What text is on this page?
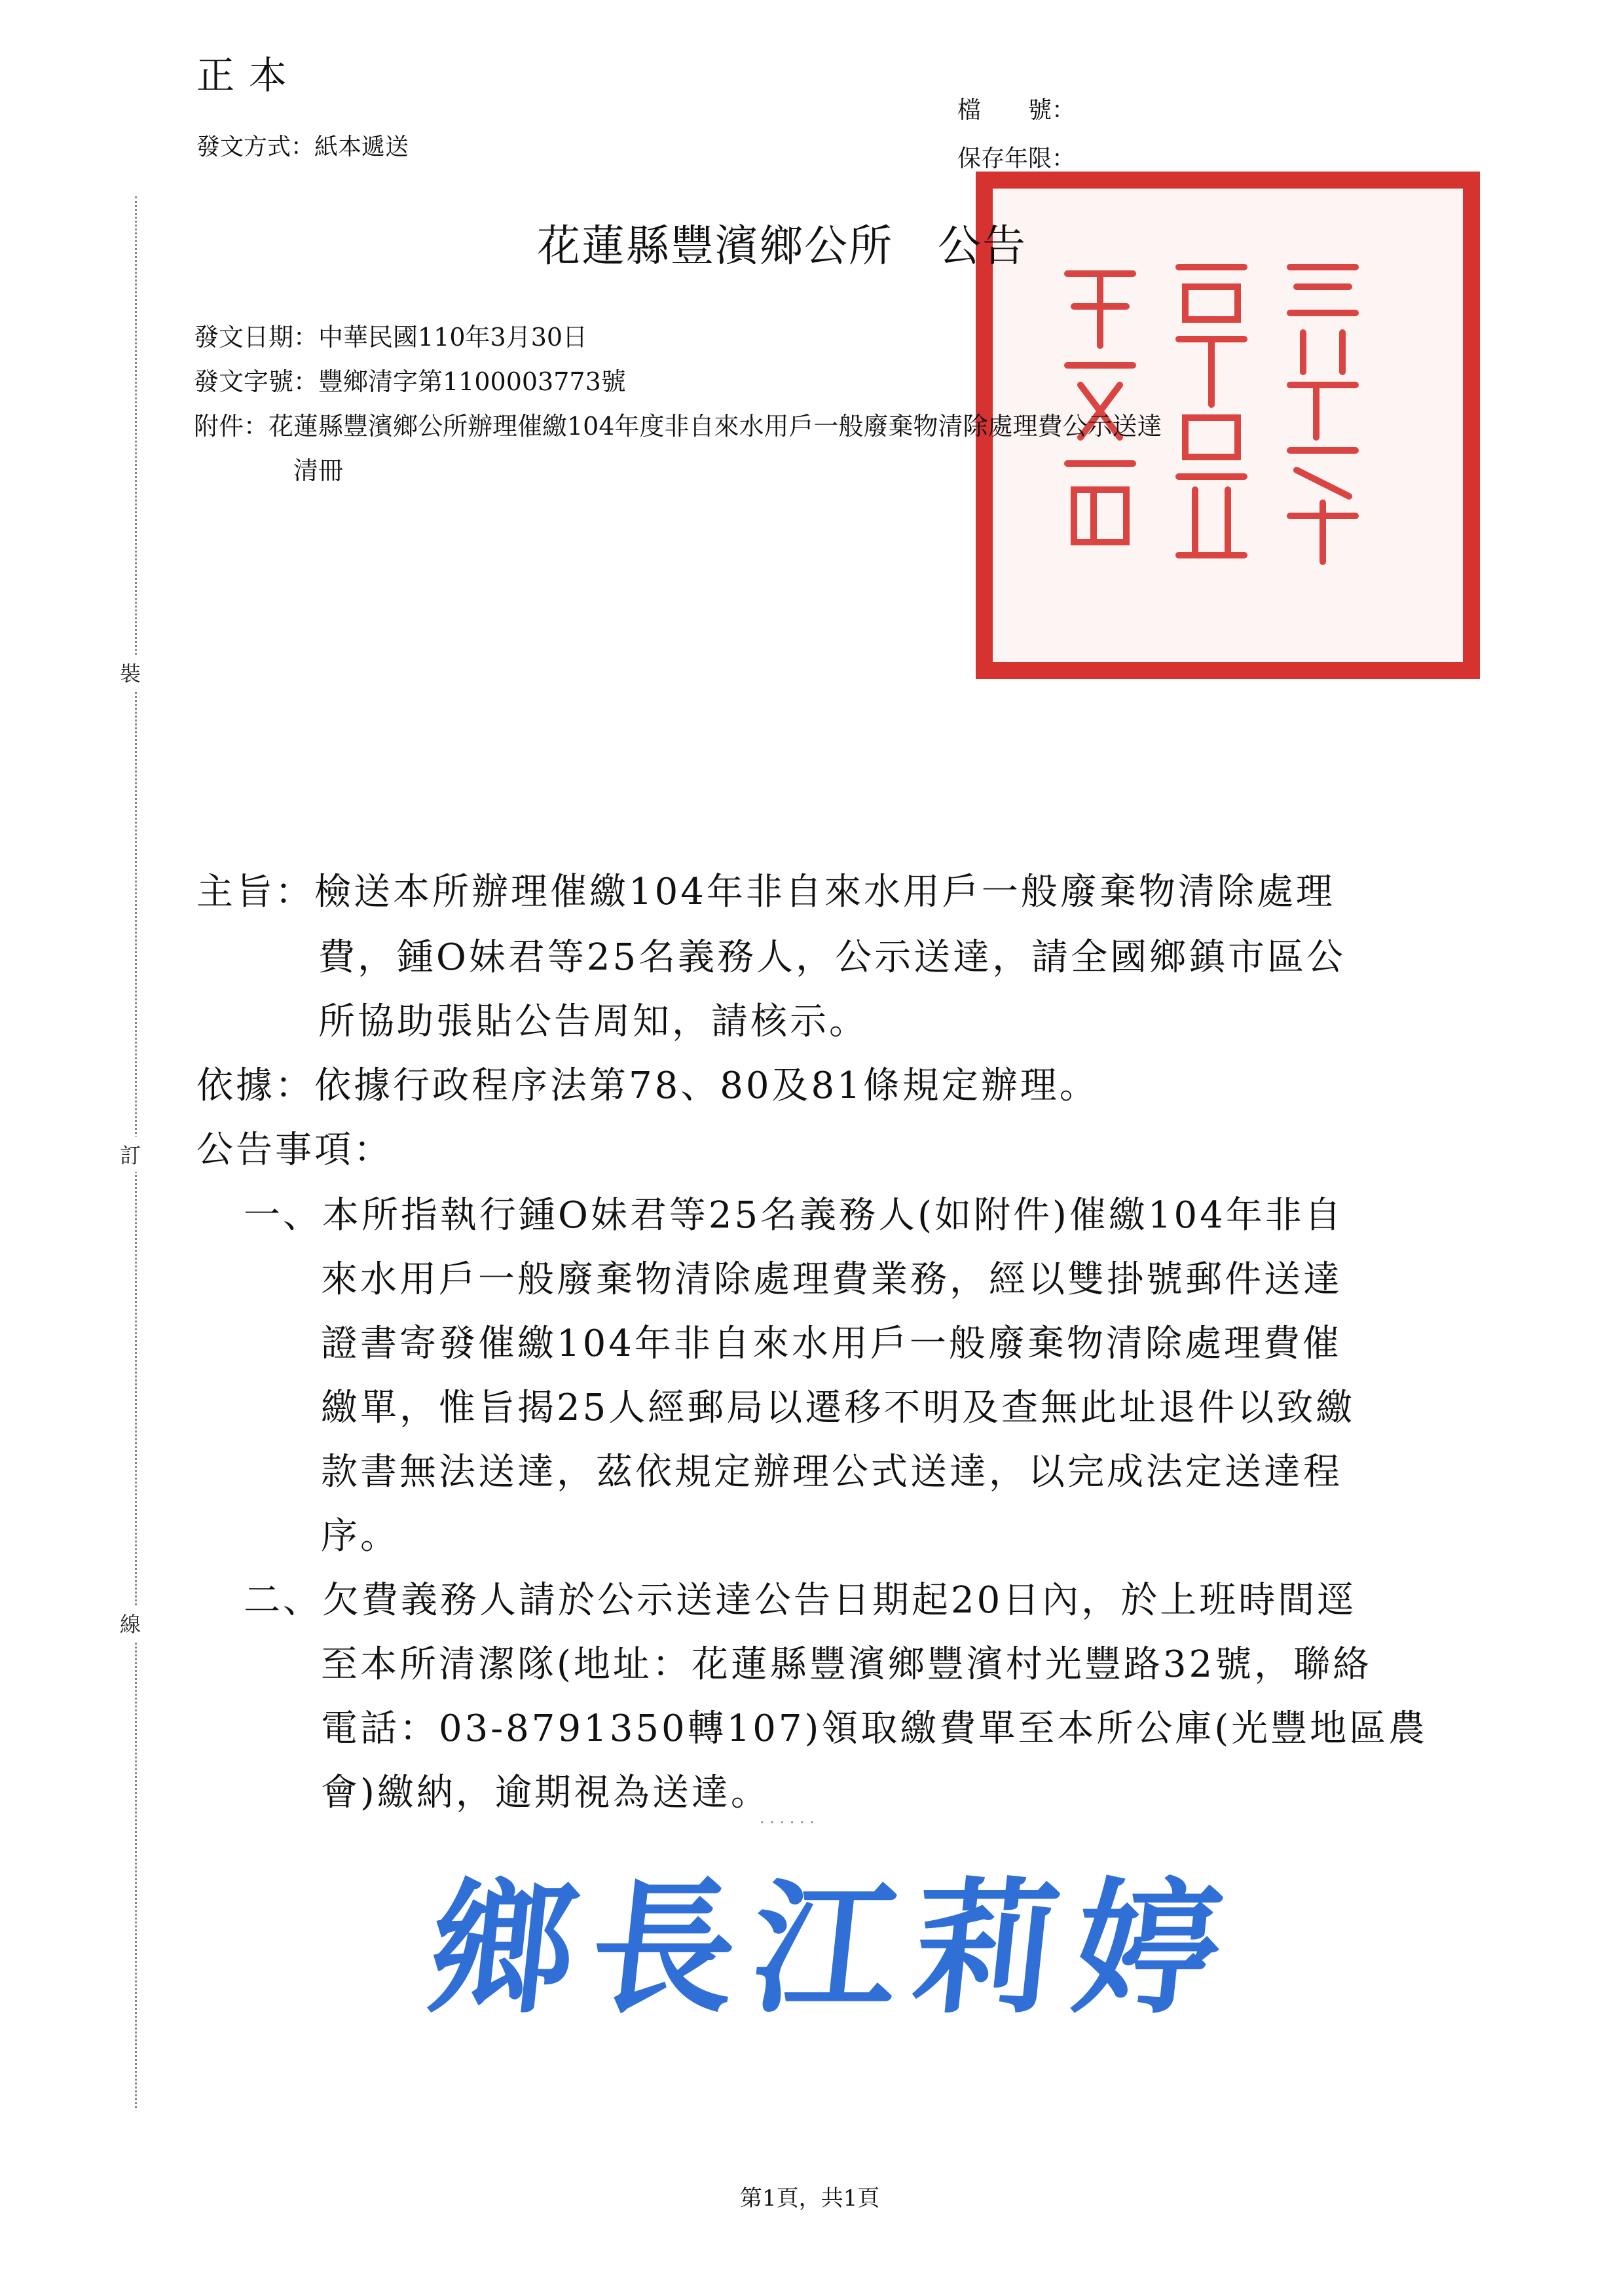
正本
發文方式：紙本遞送
檔　　號：
保存年限：
花蓮縣豐濱鄉公所　公告
發文日期：中華民國110年3月30日
發文字號：豐鄉清字第1100003773號
附件：花蓮縣豐濱鄉公所辦理催繳104年度非自來水用戶一般廢棄物清除處理費公示送達
清冊
裝
訂
線
主旨：檢送本所辦理催繳104年非自來水用戶一般廢棄物清除處理
費，鍾O妹君等25名義務人，公示送達，請全國鄉鎮市區公
所協助張貼公告周知，請核示。
依據：依據行政程序法第78、80及81條規定辦理。
公告事項：
一、本所指執行鍾O妹君等25名義務人(如附件)催繳104年非自
來水用戶一般廢棄物清除處理費業務，經以雙掛號郵件送達
證書寄發催繳104年非自來水用戶一般廢棄物清除處理費催
繳單，惟旨揭25人經郵局以遷移不明及查無此址退件以致繳
款書無法送達，茲依規定辦理公式送達，以完成法定送達程
序。
二、欠費義務人請於公示送達公告日期起20日內，於上班時間逕
至本所清潔隊(地址：花蓮縣豐濱鄉豐濱村光豐路32號，聯絡
電話：03-8791350轉107)領取繳費單至本所公庫(光豐地區農
會)繳納，逾期視為送達。
· · · · · ·
鄉長江莉婷
第1頁，共1頁
